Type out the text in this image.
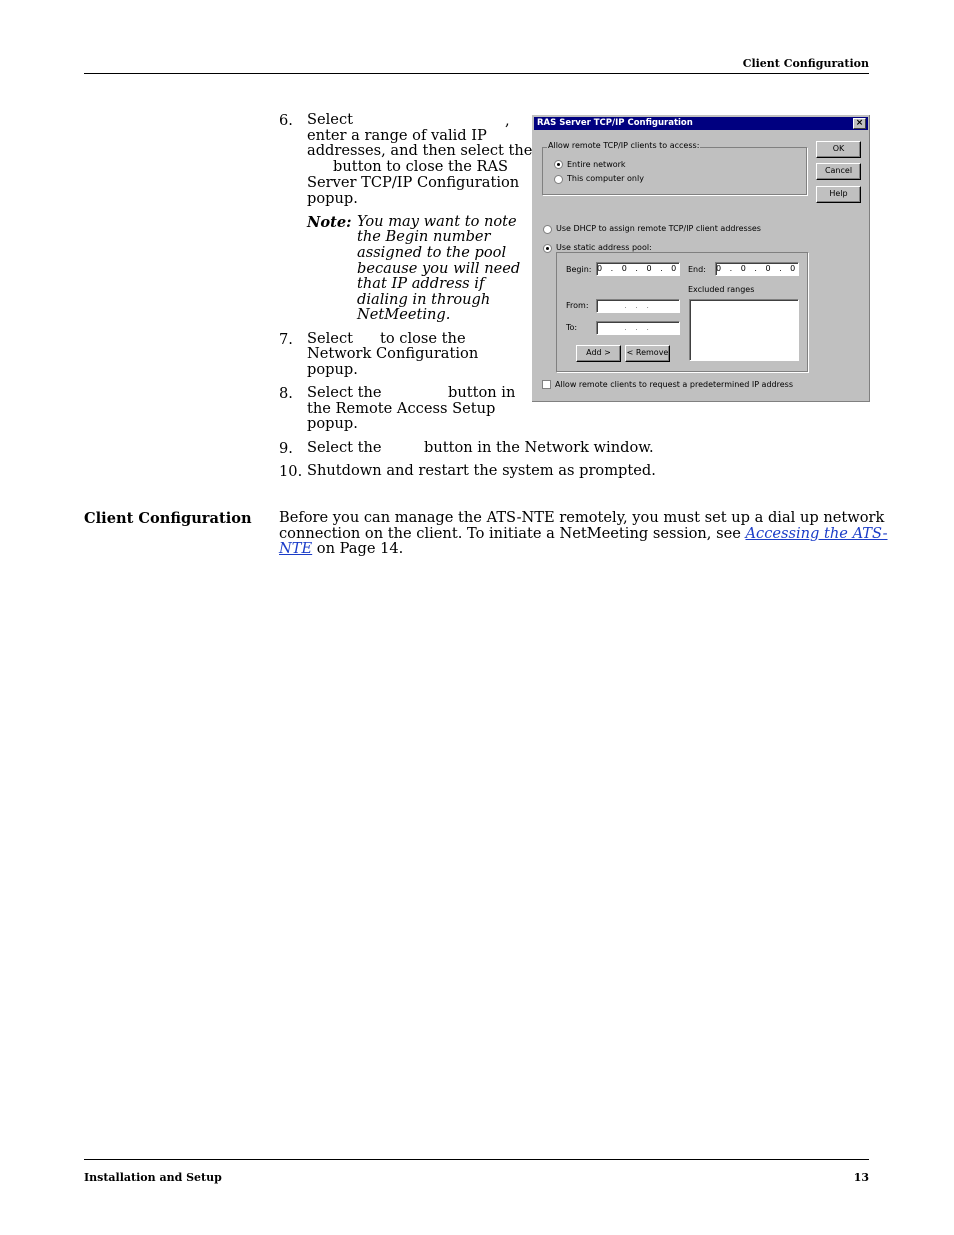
Client Configuration
6. Select	,
enter a range of valid IP
addresses, and then select the
button to close the RAS
Server TCP/IP Configuration
popup.
Note: You may want to note
the Begin number
assigned to the pool
because you will need
that IP address if
dialing in through
NetMeeting.
7. Select to close the
Network Configuration
popup.
8. Select the	button in
the Remote Access Setup
popup.
9. Select the	button in the Network window.
10. Shutdown and restart the system as prompted.
Client Configuration Before you can manage the ATS-NTE remotely, you must set up a dial up network
connection on the client. To initiate a NetMeeting session, see Accessing the ATS-
NTE on Page 14.
RAS Server TCP/IP Configuration	×
Allow remote TCP/IP clients to access:
Entire network
This computer only
OK
Cancel
Help
Use DHCP to assign remote TCP/IP client addresses
Use static address pool:
Begin: 0 . 0 . 0 . 0 End: 0 . 0 . 0 . 0
Excluded ranges
From:	. . .
To:	. . .
Add >	< Remove
Allow remote clients to request a predetermined IP address
Installation and Setup	13
